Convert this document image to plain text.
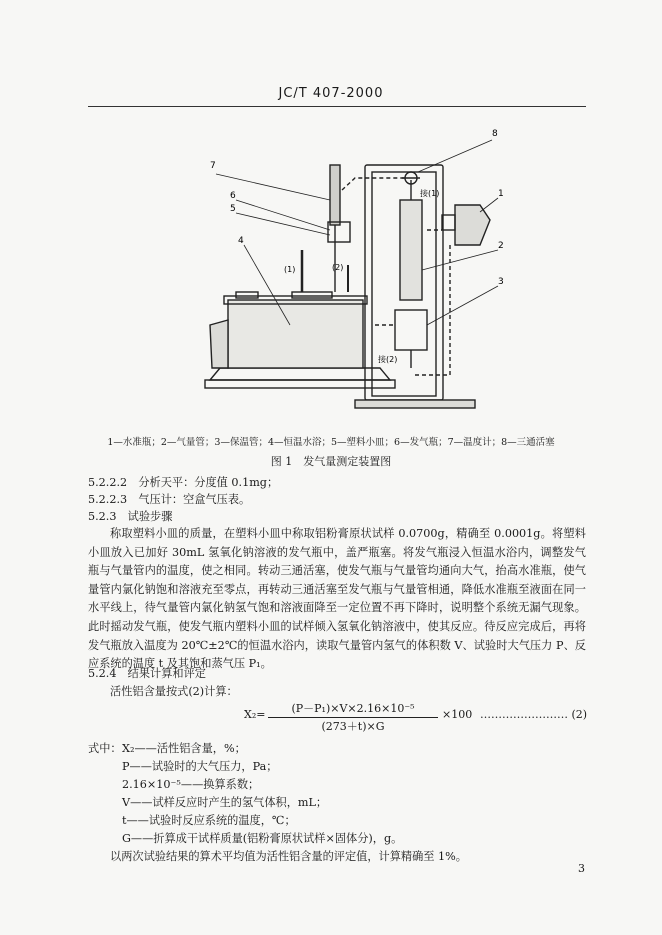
JC/T 407-2000
7
6
5
4
(1)	(2)
8
接(1)	1
2
3
接(2)
1—水准瓶；2—气量管；3—保温管；4—恒温水浴；5—塑料小皿；6—发气瓶；7—温度计；8—三通活塞
图 1　发气量测定装置图
5.2.2.2　 分析天平：分度值 0.1mg；
5.2.2.3　 气压计：空盒气压表。
5.2.3　 试验步骤

称取塑料小皿的质量，在塑料小皿中称取铝粉膏原状试样 0.0700g，精确至 0.0001g。将塑料小皿放入已加好 30mL 氢氧化钠溶液的发气瓶中，盖严瓶塞。将发气瓶浸入恒温水浴内，调整发气瓶与气量管内的温度，使之相同。转动三通活塞，使发气瓶与气量管均通向大气，抬高水准瓶，使气量管内氯化钠饱和溶液充至零点，再转动三通活塞至发气瓶与气量管相通，降低水准瓶至液面在同一水平线上，待气量管内氯化钠氢气饱和溶液面降至一定位置不再下降时，说明整个系统无漏气现象。此时摇动发气瓶，使发气瓶内塑料小皿的试样倾入氢氧化钠溶液中，使其反应。待反应完成后，再将发气瓶放入温度为 20℃±2℃的恒温水浴内，读取气量管内氢气的体积数 V、试验时大气压力 P、反应系统的温度 t 及其饱和蒸气压 P₁。

5.2.4　 结果计算和评定
活性铝含量按式(2)计算：
$X_2= \frac{\text{(P－P₁)×V×2.16×10⁻⁵}}{(273+t)\times G} \times 100$ …………………… (2)
式中： X₂——活性铝含量，%；
P——试验时的大气压力，Pa；
2.16×10⁻⁵——换算系数；
V——试样反应时产生的氢气体积，mL；
t——试验时反应系统的温度，℃；
G——折算成干试样质量(铝粉膏原状试样×固体分)，g。
以两次试验结果的算术平均值为活性铝含量的评定值，计算精确至 1%。
3
